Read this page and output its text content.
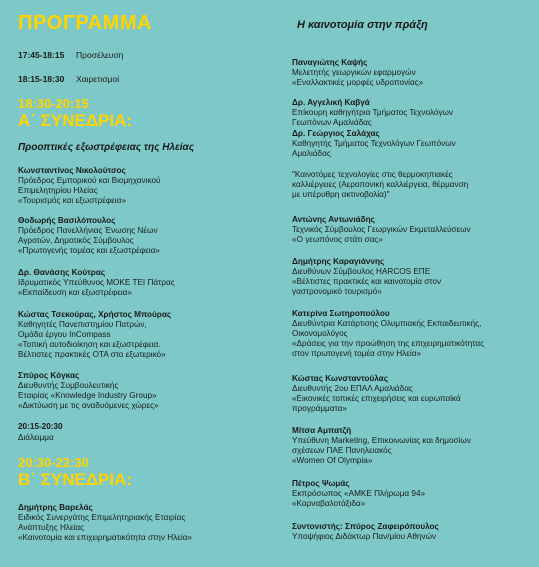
ΠΡΟΓΡΑΜΜΑ	Η καινοτομία στην πράξη
17:45-18:15 Προσέλευση
18:15-18:30 Χαιρετισμοί
18:30-20:15
Α΄ ΣΥΝΕΔΡΙΑ:
Προοπτικές εξωστρέφειας της Ηλείας
Κωνσταντίνος Νικολούτσος
Πρόεδρος Εμπορικού και Βιομηχανικού
Επιμελητηρίου Ηλείας
«Τουρισμός και εξωστρέφεια»
Θοδωρής Βασιλόπουλος
Πρόεδρος Πανελλήνιας Ένωσης Νέων
Αγροτών, Δημοτικός Σύμβουλος
«Πρωτογενής τομέας και εξωστρέφεια»
Δρ. Θανάσης Κούτρας
Ιδρυματικός Υπεύθυνος ΜΟΚΕ ΤΕΙ Πάτρας
«Εκπαίδευση και εξωστρέφεια»
Κώστας Τσεκούρας, Χρήστος Μπούρας
Καθηγητές Πανεπιστημίου Πατρών,
Ομάδα έργου InCompass
«Τοπική αυτοδιοίκηση και εξωστρέφεια.
Βέλτιστες πρακτικές ΟΤΑ στο εξωτερικό»
Σπύρος Κόγκας
Διευθυντής Συμβουλευτικής
Εταιρίας «Knowledge Industry Group»
«Δικτύωση με τις αναδυόμενες χώρες»
20:15-20:30
Διάλειμμα
20:30-22:30
Β΄ ΣΥΝΕΔΡΙΑ:
Δημήτρης Βαρελάς
Ειδικός Συνεργάτης Επιμελητηριακής Εταιρίας
Ανάπτυξης Ηλείας
«Καινοτομία και επιχειρηματικότητα στην Ηλεία»
Παναγιώτης Καψής
Μελετητής γεωργικών εφαρμογών
«Εναλλακτικές μορφές υδροπονίας»
Δρ. Αγγελική Καβγά
Επίκουρη καθηγήτρια Τμήματος Τεχνολόγων
Γεωπόνων Αμαλιάδας
Δρ. Γεώργιος Σαλάχας
Καθηγητής Τμήματος Τεχνολόγων Γεωπόνων
Αμαλιάδας
"Καινοτόμες τεχνολογίες στις θερμοκηπιακές
καλλιέργειες (Αεροπονική καλλιέργεια, θέρμανση
με υπέρυθρη ακτινοβολία)"
Αντώνης Αντωνιάδης
Τεχνικός Σύμβουλος Γεωργικών Εκμεταλλεύσεων
«Ο γεωπόνος στάτι σας»
Δημήτρης Καραγιάννης
Διευθύνων Σύμβουλος HARCOS ΕΠΕ
«Βέλτιστες πρακτικές και καινοτομία στον
γαστρονομικό τουρισμό»
Κατερίνα Σωτηροπούλου
Διευθύντρια Κατάρτισης Ολυμπιακής Εκπαιδευτικής,
Οικονομολόγος
«Δράσεις για την προώθηση της επιχειρηματικότητας
στον πρωτογενή τομέα στην Ηλεία»
Κώστας Κωνσταντούλας
Διευθυντής 2ου ΕΠΑΛ Αμαλιάδας
«Εικονικές τοπικές επιχειρήσεις και ευρωπαϊκά
προγράμματα»
Μίτσα Αμπατζή
Υπεύθυνη Marketing, Επικοινωνίας και δημοσίων
σχέσεων ΠΑΕ Πανηλειακός
«Women Of Olympia»
Πέτρος Ψωμάς
Εκπρόσωπος «ΑΜΚΕ Πλήρωμα 94»
«Καρναβαλοτάξιδα»
Συντονιστής: Σπύρος Ζαφειρόπουλος
Υποψήφιος Διδάκτωρ Παν/μίου Αθηνών
